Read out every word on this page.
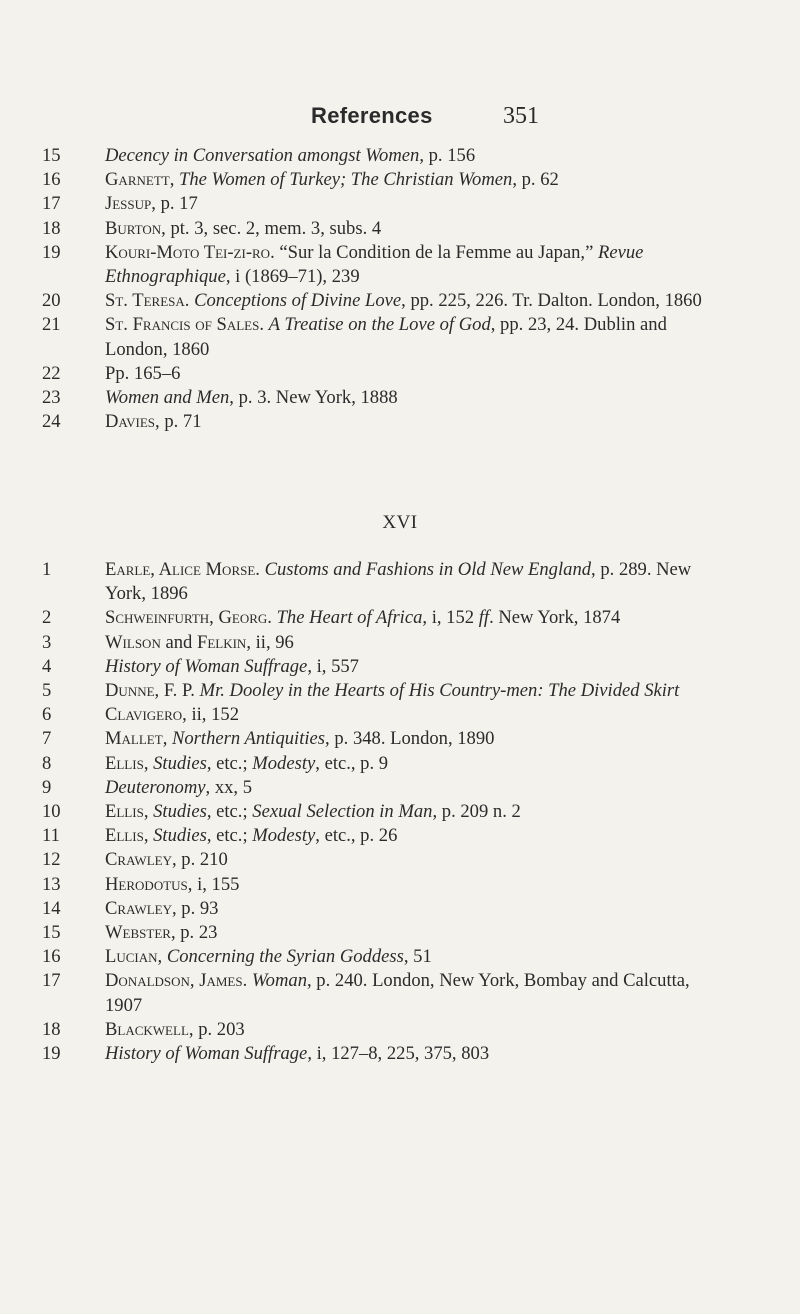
References	351
15	Decency in Conversation amongst Women, p. 156
16	Garnett, The Women of Turkey; The Christian Women, p. 62
17	Jessup, p. 17
18	Burton, pt. 3, sec. 2, mem. 3, subs. 4
19	Kouri-Moto Tei-zi-ro. “Sur la Condition de la Femme au Japan,” Revue Ethnographique, i (1869–71), 239
20	St. Teresa. Conceptions of Divine Love, pp. 225, 226. Tr. Dalton. London, 1860
21	St. Francis of Sales. A Treatise on the Love of God, pp. 23, 24. Dublin and London, 1860
22	Pp. 165–6
23	Women and Men, p. 3. New York, 1888
24	Davies, p. 71
XVI
1	Earle, Alice Morse. Customs and Fashions in Old New England, p. 289. New York, 1896
2	Schweinfurth, Georg. The Heart of Africa, i, 152 ff. New York, 1874
3	Wilson and Felkin, ii, 96
4	History of Woman Suffrage, i, 557
5	Dunne, F. P. Mr. Dooley in the Hearts of His Country-men: The Divided Skirt
6	Clavigero, ii, 152
7	Mallet, Northern Antiquities, p. 348. London, 1890
8	Ellis, Studies, etc.; Modesty, etc., p. 9
9	Deuteronomy, xx, 5
10	Ellis, Studies, etc.; Sexual Selection in Man, p. 209 n. 2
11	Ellis, Studies, etc.; Modesty, etc., p. 26
12	Crawley, p. 210
13	Herodotus, i, 155
14	Crawley, p. 93
15	Webster, p. 23
16	Lucian, Concerning the Syrian Goddess, 51
17	Donaldson, James. Woman, p. 240. London, New York, Bombay and Calcutta, 1907
18	Blackwell, p. 203
19	History of Woman Suffrage, i, 127–8, 225, 375, 803
